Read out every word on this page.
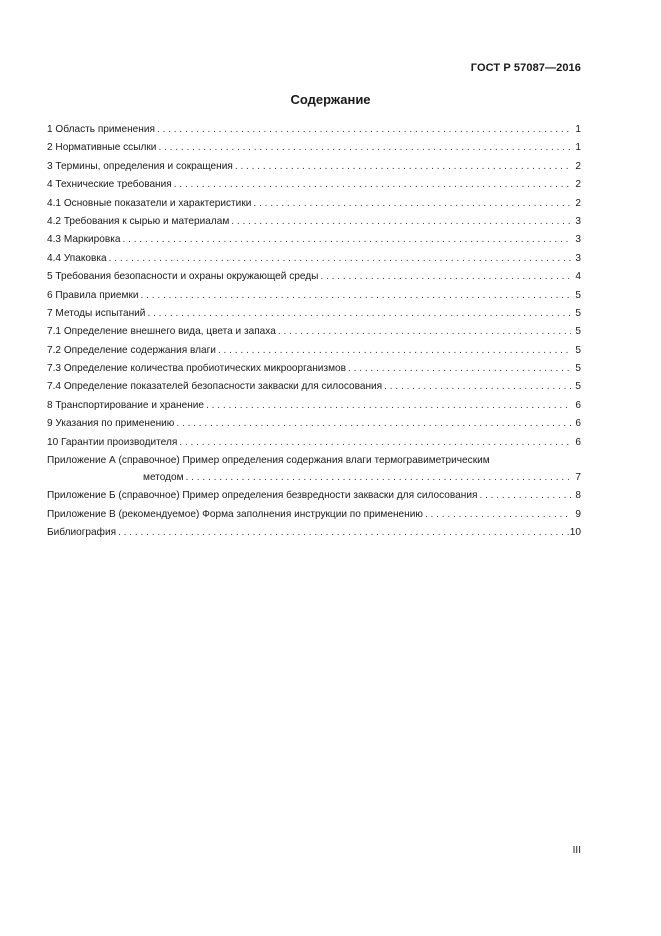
ГОСТ Р 57087—2016
Содержание
1 Область применения . . .	1
2 Нормативные ссылки . . .	1
3 Термины, определения и сокращения . . .	2
4 Технические требования . . .	2
4.1 Основные показатели и характеристики . . .	2
4.2 Требования к сырью и материалам . . .	3
4.3 Маркировка . . .	3
4.4 Упаковка . . .	3
5 Требования безопасности и охраны окружающей среды . . .	4
6 Правила приемки . . .	5
7 Методы испытаний . . .	5
7.1 Определение внешнего вида, цвета и запаха . . .	5
7.2 Определение содержания влаги . . .	5
7.3 Определение количества пробиотических микроорганизмов . . .	5
7.4 Определение показателей безопасности закваски для силосования . . .	5
8 Транспортирование и хранение . . .	6
9 Указания по применению . . .	6
10 Гарантии производителя . . .	6
Приложение А (справочное) Пример определения содержания влаги термогравиметрическим
методом . . .	7
Приложение Б (справочное) Пример определения безвредности закваски для силосования . . .	8
Приложение В (рекомендуемое) Форма заполнения инструкции по применению . . .	9
Библиография . . .	10
III
